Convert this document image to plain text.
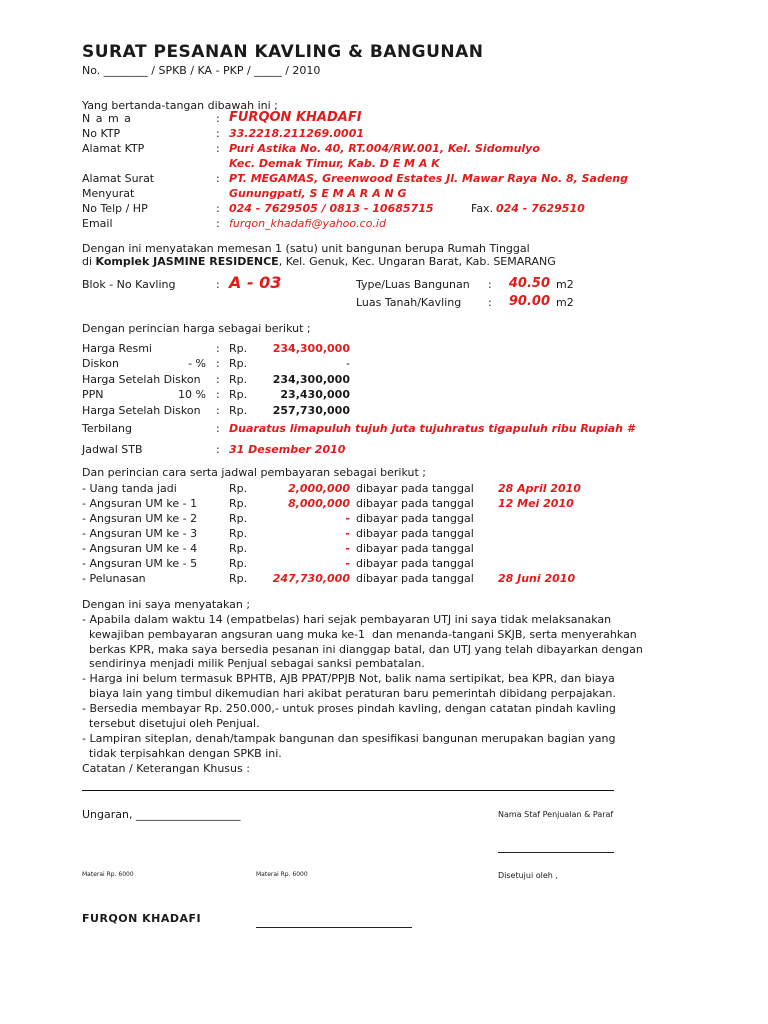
SURAT PESANAN KAVLING & BANGUNAN
No. ________ / SPKB / KA - PKP / _____ / 2010
Yang bertanda-tangan dibawah ini ;
N a m a	: FURQON KHADAFI
No KTP	: 33.2218.211269.0001
Alamat KTP	: Puri Astika No. 40, RT.004/RW.001, Kel. Sidomulyo
Kec. Demak Timur, Kab. D E M A K
Alamat Surat
Menyurat
: PT. MEGAMAS, Greenwood Estates Jl. Mawar Raya No. 8, Sadeng
Gunungpati, S E M A R A N G
No Telp / HP	: 024 - 7629505 / 0813 - 10685715	Fax. 024 - 7629510
Email	: furqon_khadafi@yahoo.co.id
Dengan ini menyatakan memesan 1 (satu) unit bangunan berupa Rumah Tinggal
di Komplek JASMINE RESIDENCE, Kel. Genuk, Kec. Ungaran Barat, Kab. SEMARANG
Blok - No Kavling	: A - 03	Type/Luas Bangunan :	40.50 m2
Luas Tanah/Kavling :	90.00 m2
Dengan perincian harga sebagai berikut ;
Harga Resmi	: Rp.	234,300,000
Diskon	- % : Rp.	-
Harga Setelah Diskon : Rp.	234,300,000
PPN	10 % : Rp.	23,430,000
Harga Setelah Diskon : Rp.	257,730,000
Terbilang	: Duaratus limapuluh tujuh juta tujuhratus tigapuluh ribu Rupiah #
Jadwal STB	: 31 Desember 2010
Dan perincian cara serta jadwal pembayaran sebagai berikut ;
- Uang tanda jadi	Rp.	2,000,000 dibayar pada tanggal 28 April 2010
- Angsuran UM ke - 1	Rp.	8,000,000 dibayar pada tanggal 12 Mei 2010
- Angsuran UM ke - 2	Rp.	- dibayar pada tanggal
- Angsuran UM ke - 3	Rp.	- dibayar pada tanggal
- Angsuran UM ke - 4	Rp.	- dibayar pada tanggal
- Angsuran UM ke - 5	Rp.	- dibayar pada tanggal
- Pelunasan	Rp.	247,730,000 dibayar pada tanggal 28 Juni 2010
Dengan ini saya menyatakan ;
- Apabila dalam waktu 14 (empatbelas) hari sejak pembayaran UTJ ini saya tidak melaksanakan
kewajiban pembayaran angsuran uang muka ke-1  dan menanda-tangani SKJB, serta menyerahkan
berkas KPR, maka saya bersedia pesanan ini dianggap batal, dan UTJ yang telah dibayarkan dengan
sendirinya menjadi milik Penjual sebagai sanksi pembatalan.
- Harga ini belum termasuk BPHTB, AJB PPAT/PPJB Not, balik nama sertipikat, bea KPR, dan biaya
biaya lain yang timbul dikemudian hari akibat peraturan baru pemerintah dibidang perpajakan.
- Bersedia membayar Rp. 250.000,- untuk proses pindah kavling, dengan catatan pindah kavling
tersebut disetujui oleh Penjual.
- Lampiran siteplan, denah/tampak bangunan dan spesifikasi bangunan merupakan bagian yang
tidak terpisahkan dengan SPKB ini.
Catatan / Keterangan Khusus :
Ungaran, ___________________	Nama Staf Penjualan & Paraf
Materai Rp. 6000	Materai Rp. 6000	Disetujui oleh ,
FURQON KHADAFI
